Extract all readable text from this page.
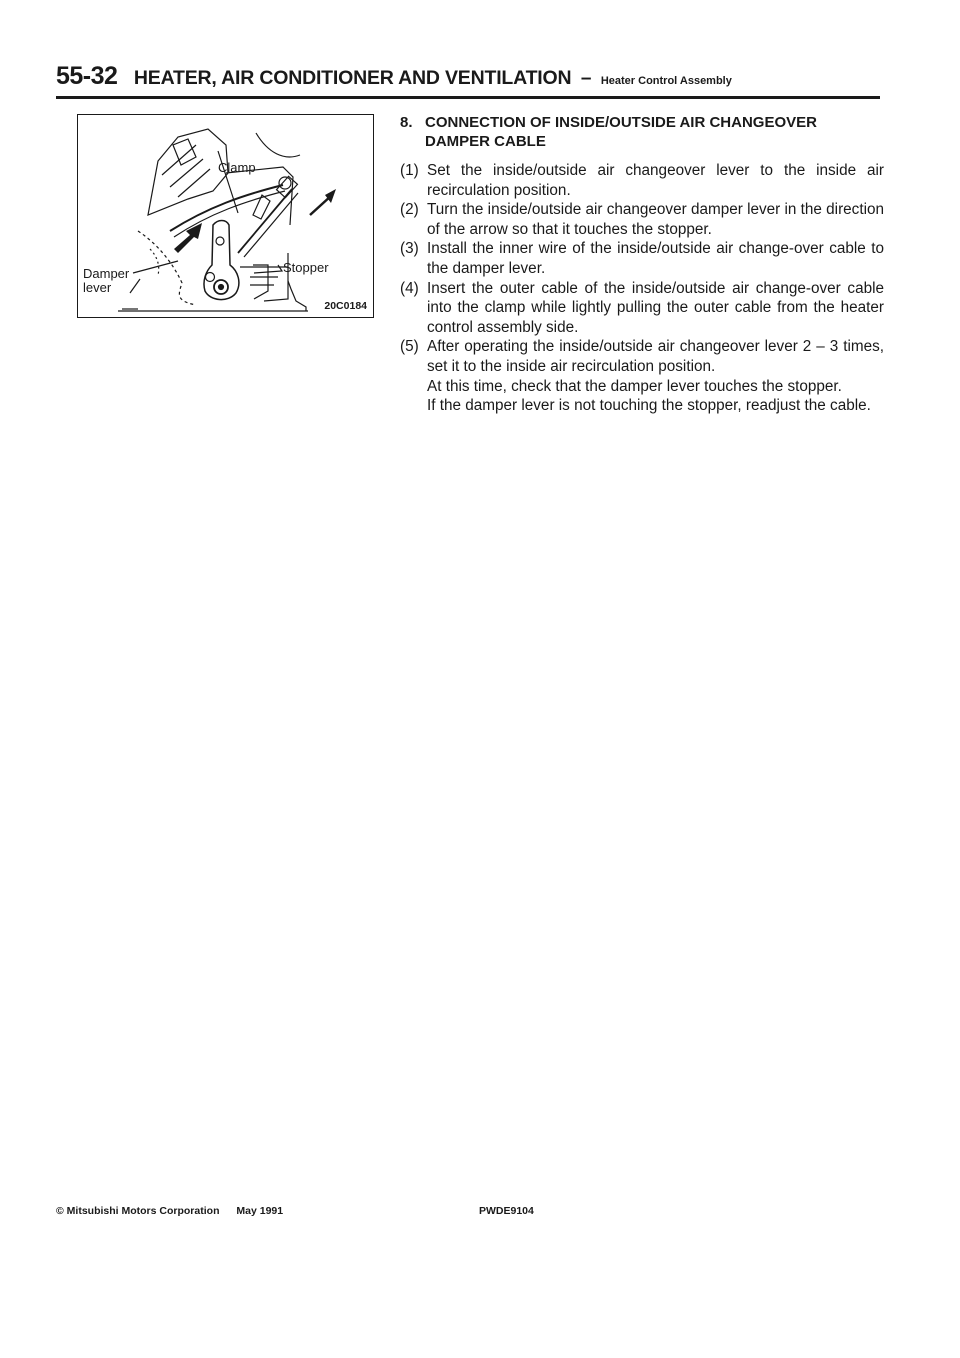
55-32 HEATER, AIR CONDITIONER AND VENTILATION – Heater Control Assembly
Clamp
Stopper
Damper
lever
20C0184
8. CONNECTION OF INSIDE/OUTSIDE AIR CHANGEOVER DAMPER CABLE
(1) Set the inside/outside air changeover lever to the inside air recirculation position.

(2) Turn the inside/outside air changeover damper lever in the direction of the arrow so that it touches the stopper.

(3) Install the inner wire of the inside/outside air change-over cable to the damper lever.

(4) Insert the outer cable of the inside/outside air change-over cable into the clamp while lightly pulling the outer cable from the heater control assembly side.

(5) After operating the inside/outside air changeover lever 2 – 3 times, set it to the inside air recirculation position.

At this time, check that the damper lever touches the stopper.

If the damper lever is not touching the stopper, readjust the cable.

© Mitsubishi Motors Corporation May 1991	PWDE9104
